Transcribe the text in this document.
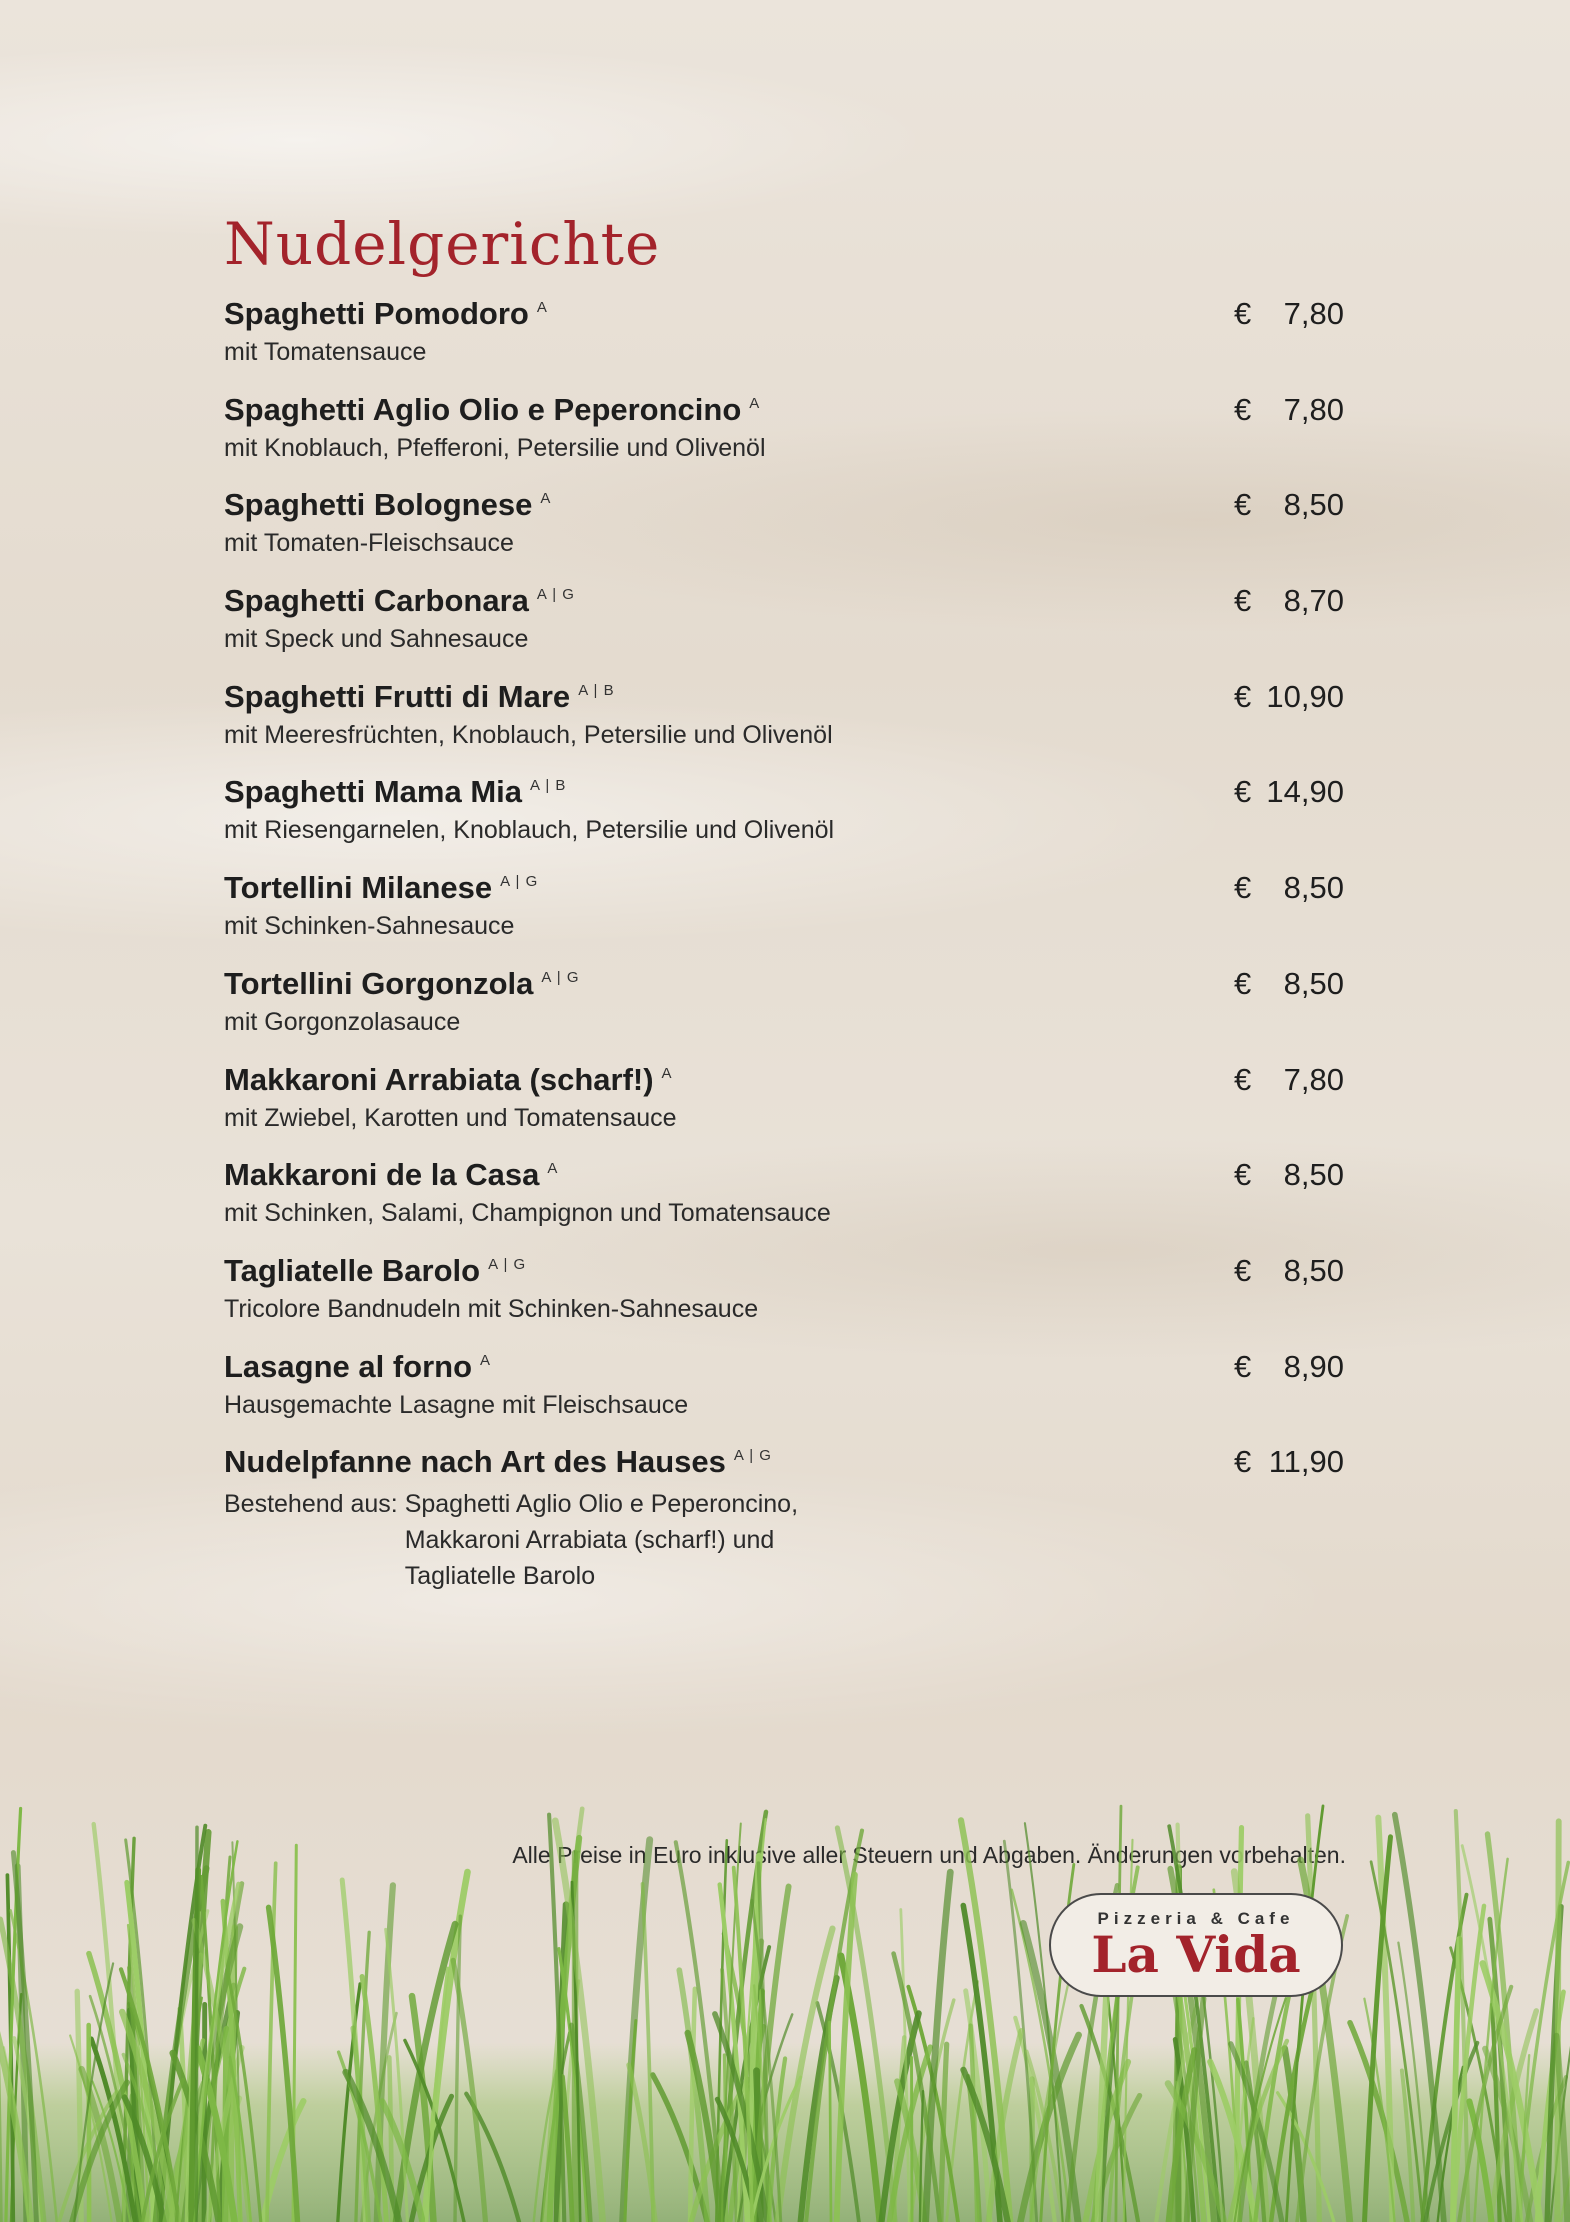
Nudelgerichte
Spaghetti Pomodoro A	€ 7,80
mit Tomatensauce
Spaghetti Aglio Olio e Peperoncino A	€ 7,80
mit Knoblauch, Pfefferoni, Petersilie und Olivenöl
Spaghetti Bolognese A	€ 8,50
mit Tomaten-Fleischsauce
Spaghetti Carbonara A | G	€ 8,70
mit Speck und Sahnesauce
Spaghetti Frutti di Mare A | B	€ 10,90
mit Meeresfrüchten, Knoblauch, Petersilie und Olivenöl
Spaghetti Mama Mia A | B	€ 14,90
mit Riesengarnelen, Knoblauch, Petersilie und Olivenöl
Tortellini Milanese A | G	€ 8,50
mit Schinken-Sahnesauce
Tortellini Gorgonzola A | G	€ 8,50
mit Gorgonzolasauce
Makkaroni Arrabiata (scharf!) A	€ 7,80
mit Zwiebel, Karotten und Tomatensauce
Makkaroni de la Casa A	€ 8,50
mit Schinken, Salami, Champignon und Tomatensauce
Tagliatelle Barolo A | G	€ 8,50
Tricolore Bandnudeln mit Schinken-Sahnesauce
Lasagne al forno A	€ 8,90
Hausgemachte Lasagne mit Fleischsauce
Nudelpfanne nach Art des Hauses A | G	€ 11,90
Bestehend aus: Spaghetti Aglio Olio e Peperoncino,
Makkaroni Arrabiata (scharf!) und
Tagliatelle Barolo
Alle Preise in Euro inklusive aller Steuern und Abgaben. Änderungen vorbehalten.
Pizzeria & Cafe
La Vida
